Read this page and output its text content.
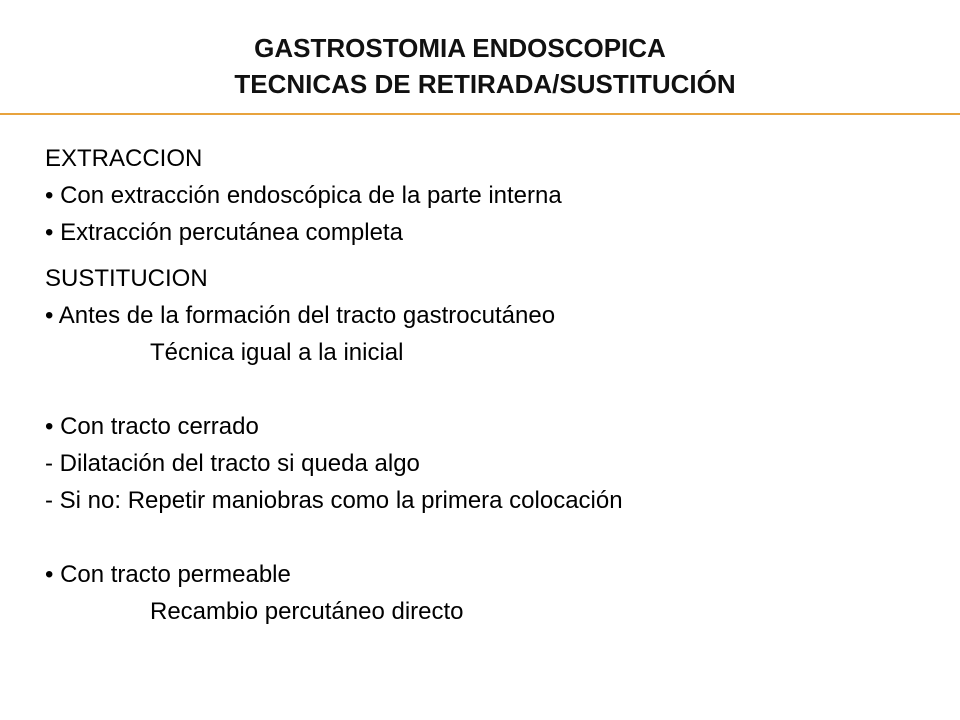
GASTROSTOMIA ENDOSCOPICA
TECNICAS DE RETIRADA/SUSTITUCIÓN
EXTRACCION
• Con extracción endoscópica de la parte interna
• Extracción percutánea completa
SUSTITUCION
• Antes de la formación del tracto gastrocutáneo
Técnica igual a la inicial
• Con tracto cerrado
- Dilatación del tracto si queda algo
- Si no: Repetir maniobras como la primera colocación
• Con tracto permeable
Recambio percutáneo directo
